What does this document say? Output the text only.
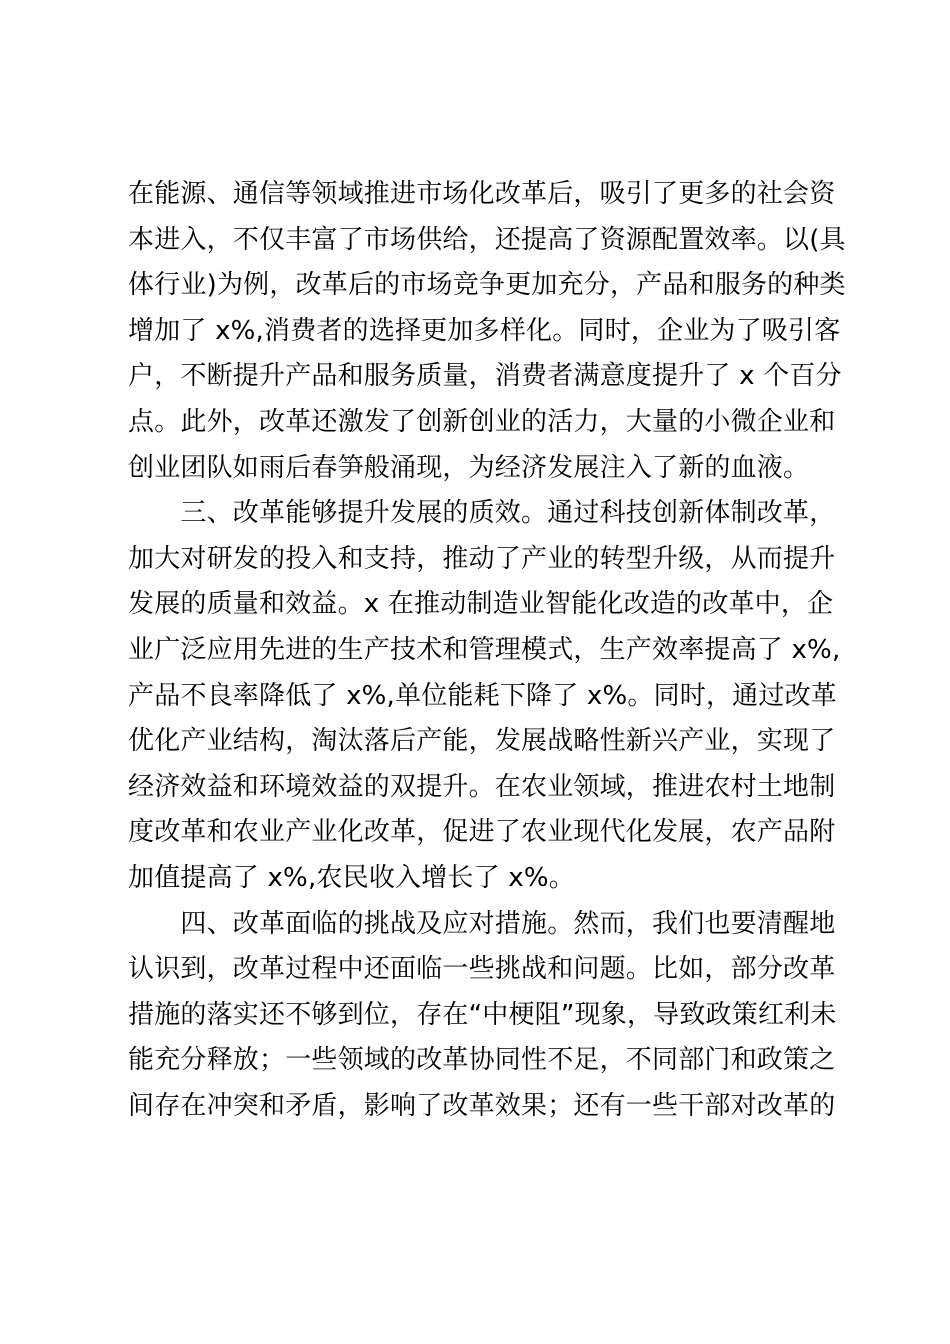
在能源、通信等领域推进市场化改革后，吸引了更多的社会资
本进入，不仅丰富了市场供给，还提高了资源配置效率。以(具
体行业)为例，改革后的市场竞争更加充分，产品和服务的种类
增加了 x%,消费者的选择更加多样化。同时，企业为了吸引客
户，不断提升产品和服务质量，消费者满意度提升了 x 个百分
点。此外，改革还激发了创新创业的活力，大量的小微企业和
创业团队如雨后春笋般涌现，为经济发展注入了新的血液。
　　三、改革能够提升发展的质效。通过科技创新体制改革，
加大对研发的投入和支持，推动了产业的转型升级，从而提升
发展的质量和效益。x 在推动制造业智能化改造的改革中，企
业广泛应用先进的生产技术和管理模式，生产效率提高了 x%,
产品不良率降低了 x%,单位能耗下降了 x%。同时，通过改革
优化产业结构，淘汰落后产能，发展战略性新兴产业，实现了
经济效益和环境效益的双提升。在农业领域，推进农村土地制
度改革和农业产业化改革，促进了农业现代化发展，农产品附
加值提高了 x%,农民收入增长了 x%。
　　四、改革面临的挑战及应对措施。然而，我们也要清醒地
认识到，改革过程中还面临一些挑战和问题。比如，部分改革
措施的落实还不够到位，存在“中梗阻”现象，导致政策红利未
能充分释放；一些领域的改革协同性不足，不同部门和政策之
间存在冲突和矛盾，影响了改革效果；还有一些干部对改革的
